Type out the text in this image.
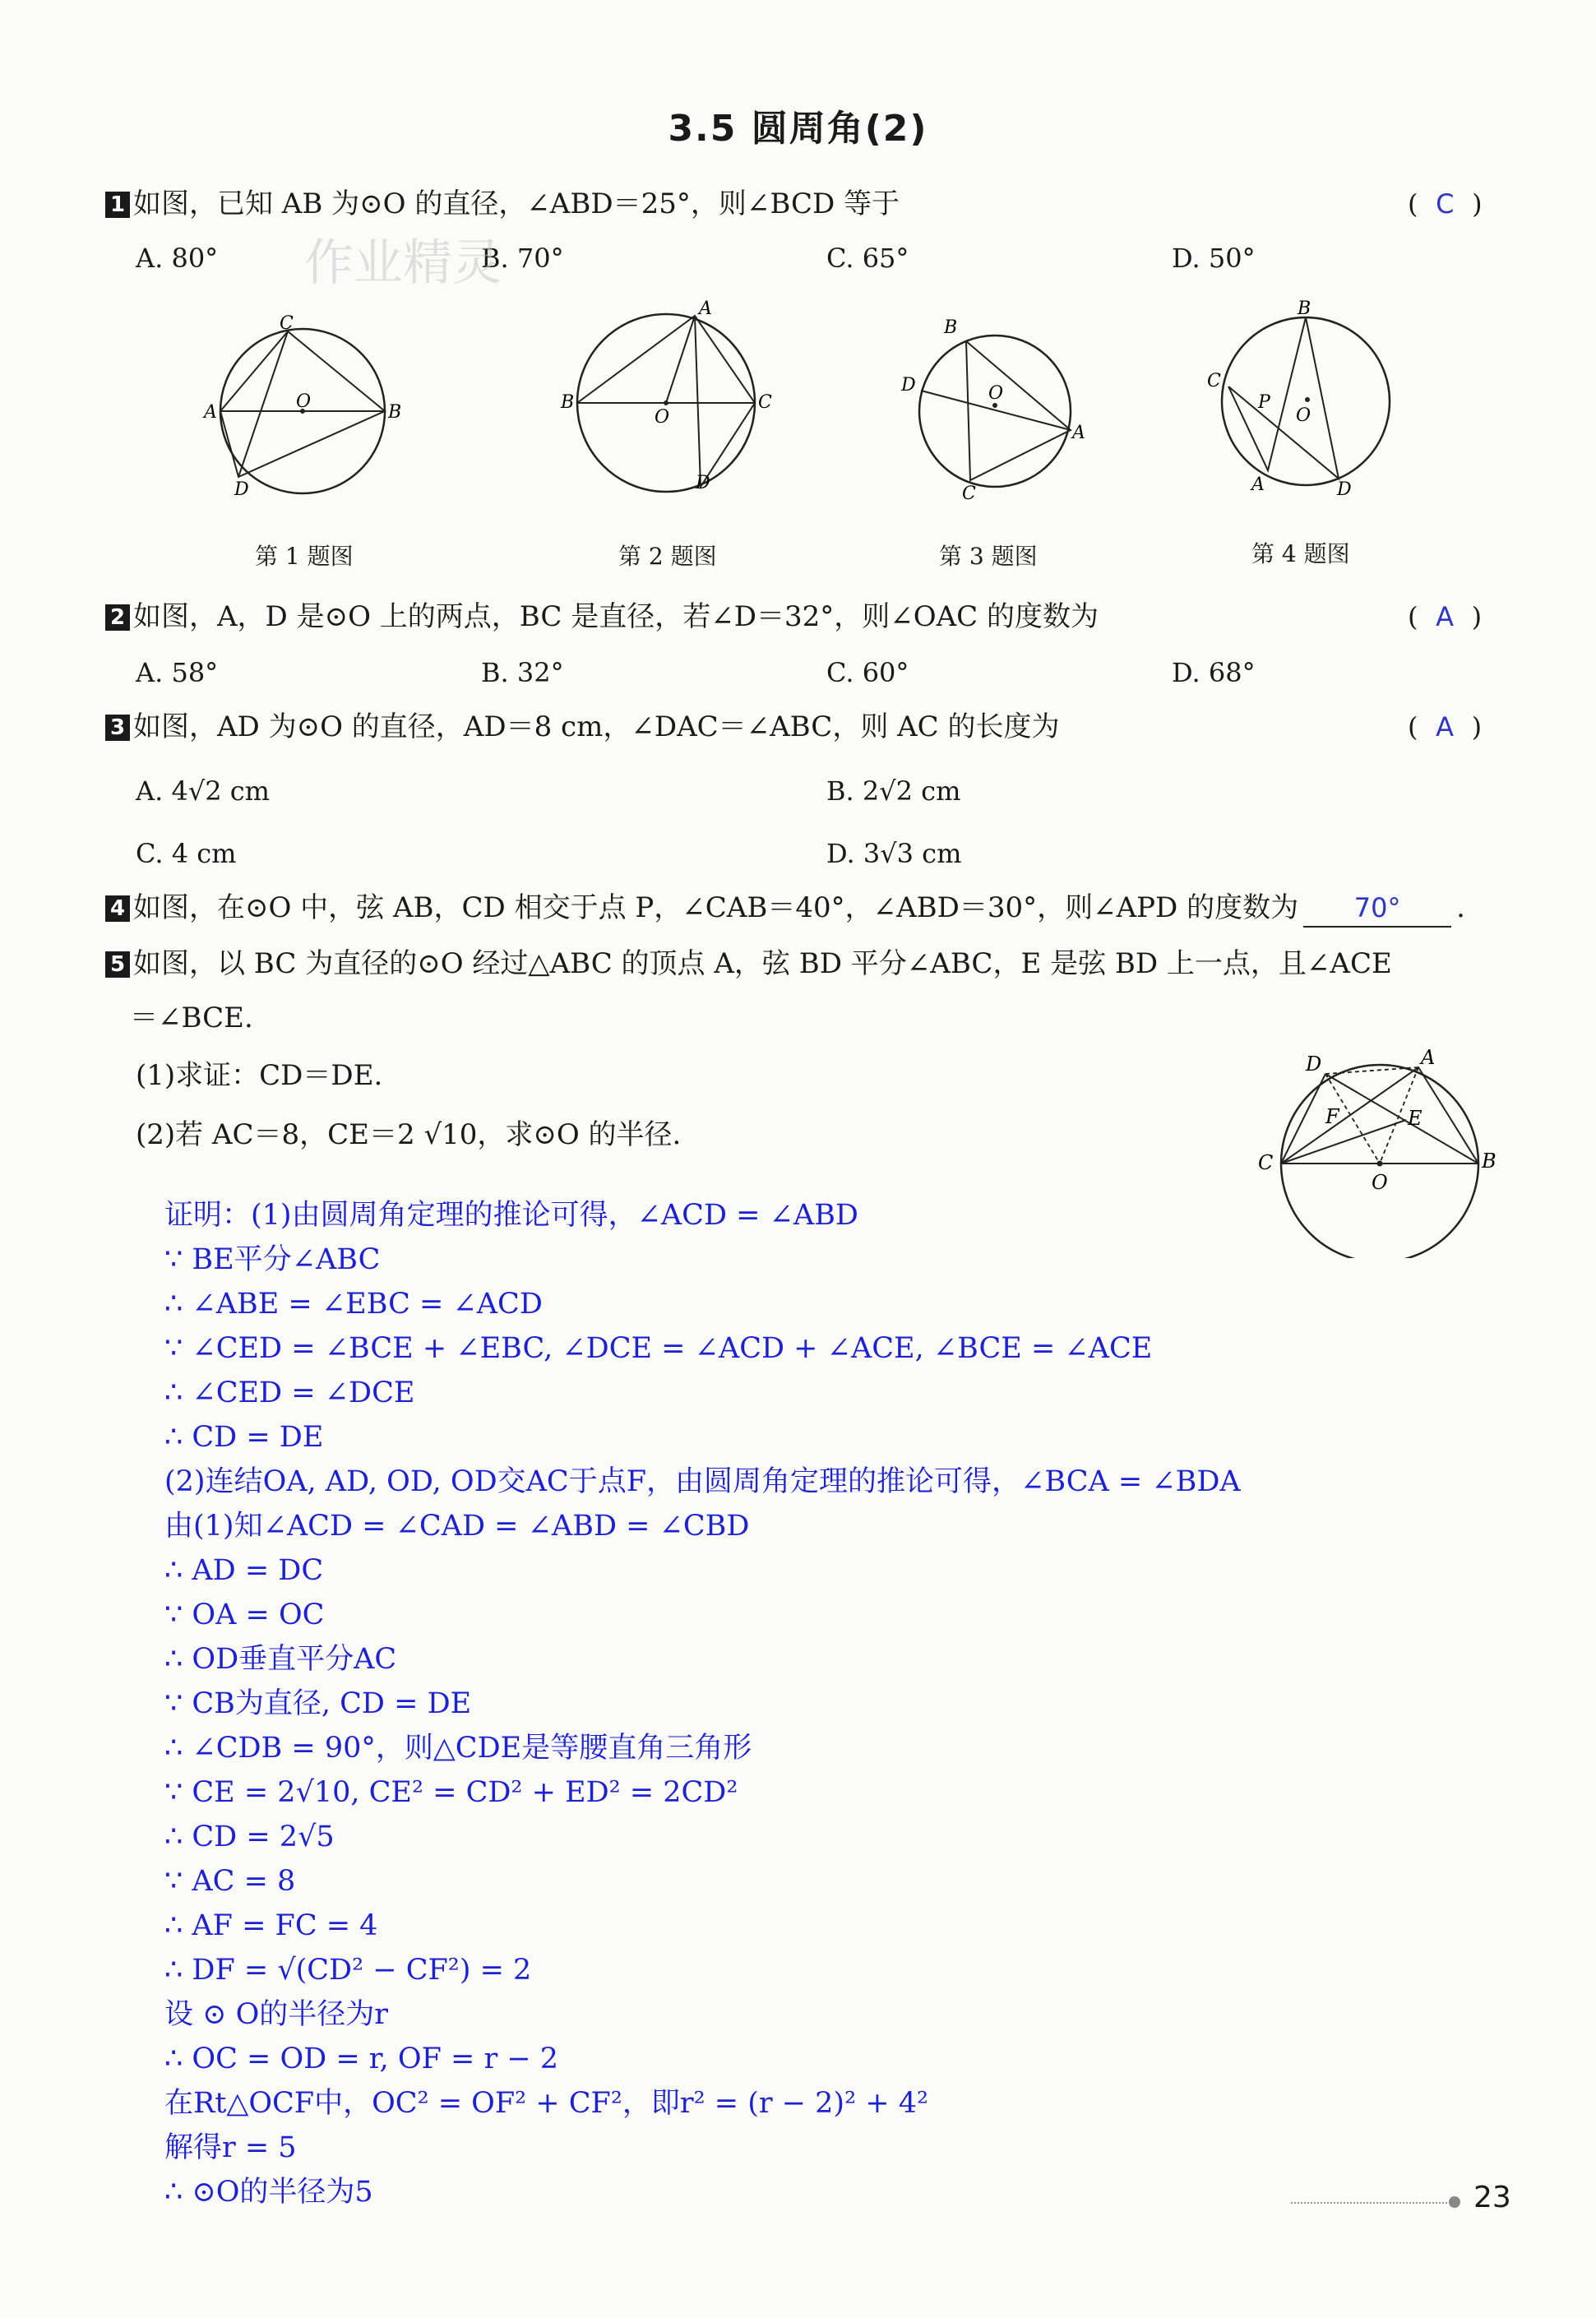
3.5 圆周角(2)
1 如图，已知 AB 为⊙O 的直径，∠ABD＝25°，则∠BCD 等于	( C )
A. 80°	B. 70°	C. 65°	D. 50°
作业精灵
C
A	B
O
D
A
B	C
O
D
B
D	O
A
C
B
C
P
O
A	D
第 1 题图	第 2 题图	第 3 题图	第 4 题图
2 如图，A，D 是⊙O 上的两点，BC 是直径，若∠D＝32°，则∠OAC 的度数为	( A )
A. 58°	B. 32°	C. 60°	D. 68°
3 如图，AD 为⊙O 的直径，AD＝8 cm，∠DAC＝∠ABC，则 AC 的长度为	( A )
A. 4√2 cm	B. 2√2 cm
C. 4 cm	D. 3√3 cm
4 如图，在⊙O 中，弦 AB，CD 相交于点 P，∠CAB＝40°，∠ABD＝30°，则∠APD 的度数为 70° .
5 如图，以 BC 为直径的⊙O 经过△ABC 的顶点 A，弦 BD 平分∠ABC，E 是弦 BD 上一点，且∠ACE
＝∠BCE.
(1)求证：CD＝DE.
(2)若 AC＝8，CE＝2 √10，求⊙O 的半径.
D	A
F	E
C	B
O
证明：(1)由圆周角定理的推论可得，∠ACD = ∠ABD
∵ BE平分∠ABC
∴ ∠ABE = ∠EBC = ∠ACD
∵ ∠CED = ∠BCE + ∠EBC, ∠DCE = ∠ACD + ∠ACE, ∠BCE = ∠ACE
∴ ∠CED = ∠DCE
∴ CD = DE
(2)连结OA, AD, OD, OD交AC于点F，由圆周角定理的推论可得，∠BCA = ∠BDA
由(1)知∠ACD = ∠CAD = ∠ABD = ∠CBD
∴ AD = DC
∵ OA = OC
∴ OD垂直平分AC
∵ CB为直径, CD = DE
∴ ∠CDB = 90°，则△CDE是等腰直角三角形
∵ CE = 2√10, CE² = CD² + ED² = 2CD²
∴ CD = 2√5
∵ AC = 8
∴ AF = FC = 4
∴ DF = √(CD² − CF²) = 2
设 ⊙ O的半径为r
∴ OC = OD = r, OF = r − 2
在Rt△OCF中，OC² = OF² + CF²，即r² = (r − 2)² + 4²
解得r = 5
∴ ⊙O的半径为5	23
